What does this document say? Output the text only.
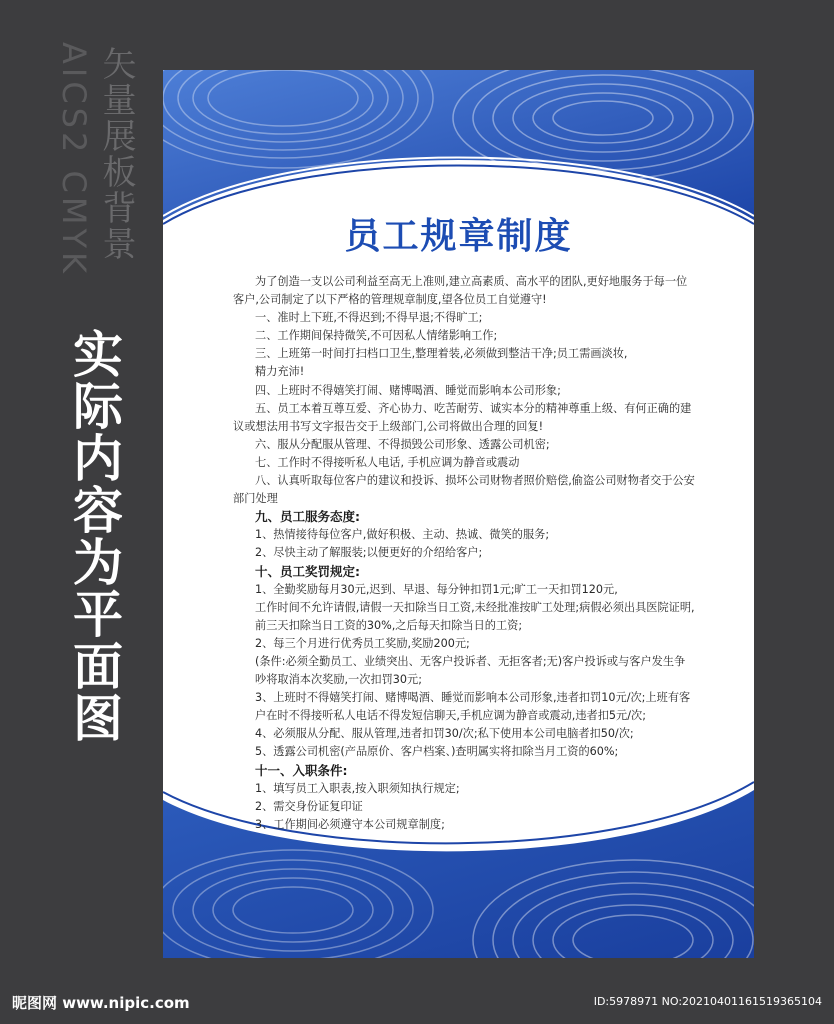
AICS2 CMYK 矢量展板背景
实际内容为平面图
员工规章制度

为了创造一支以公司利益至高无上准则,建立高素质、高水平的团队,更好地服务于每一位客户,公司制定了以下严格的管理规章制度,望各位员工自觉遵守!

一、准时上下班,不得迟到;不得早退;不得旷工;

二、工作期间保持微笑,不可因私人情绪影响工作;

三、上班第一时间打扫档口卫生,整理着装,必须做到整洁干净;员工需画淡妆,

精力充沛!

四、上班时不得嬉笑打闹、赌博喝酒、睡觉而影响本公司形象;

五、员工本着互尊互爱、齐心协力、吃苦耐劳、诚实本分的精神尊重上级、有何正确的建议或想法用书写文字报告交于上级部门,公司将做出合理的回复!

六、服从分配服从管理、不得损毁公司形象、透露公司机密;

七、工作时不得接听私人电话, 手机应调为静音或震动

八、认真听取每位客户的建议和投诉、损坏公司财物者照价赔偿,偷盗公司财物者交于公安部门处理

九、员工服务态度:

1、热情接待每位客户,做好积极、主动、热诚、微笑的服务;

2、尽快主动了解服装;以便更好的介绍给客户;

十、员工奖罚规定:

1、全勤奖励每月30元,迟到、早退、每分钟扣罚1元;旷工一天扣罚120元,

工作时间不允许请假,请假一天扣除当日工资,未经批准按旷工处理;病假必须出具医院证明,前三天扣除当日工资的30%,之后每天扣除当日的工资;

2、每三个月进行优秀员工奖励,奖励200元;

(条件:必须全勤员工、业绩突出、无客户投诉者、无拒客者;无)客户投诉或与客户发生争吵将取消本次奖励,一次扣罚30元;

3、上班时不得嬉笑打闹、赌博喝酒、睡觉而影响本公司形象,违者扣罚10元/次;上班有客户在时不得接听私人电话不得发短信聊天,手机应调为静音或震动,违者扣5元/次;

4、必须服从分配、服从管理,违者扣罚30/次;私下使用本公司电脑者扣50/次;

5、透露公司机密(产品原价、客户档案、)查明属实将扣除当月工资的60%;

十一、入职条件:

1、填写员工入职表,按入职须知执行规定;

2、需交身份证复印证

3、工作期间必须遵守本公司规章制度;

昵图网 www.nipic.com	ID:5978971 NO:20210401161519365104
